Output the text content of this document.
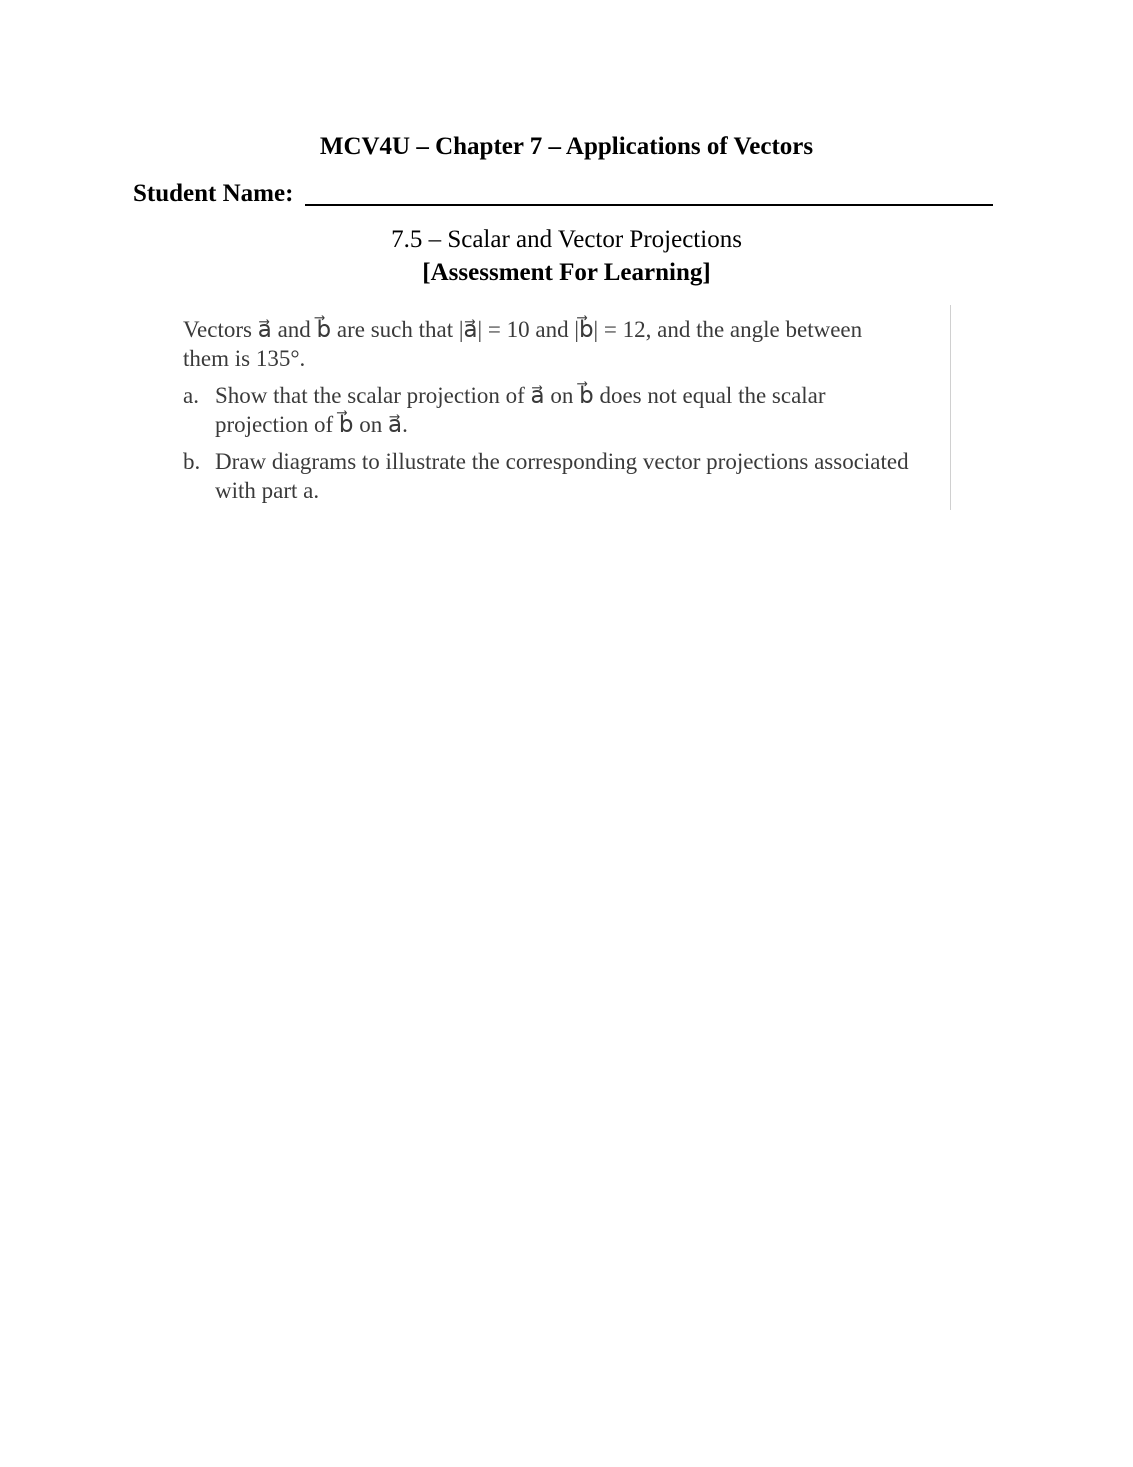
MCV4U – Chapter 7 – Applications of Vectors
Student Name:
7.5 – Scalar and Vector Projections
[Assessment For Learning]
Vectors a⃗ and b⃗ are such that |a⃗| = 10 and |b⃗| = 12, and the angle between
them is 135°.
a. Show that the scalar projection of a⃗ on b⃗ does not equal the scalar
projection of b⃗ on a⃗.
b. Draw diagrams to illustrate the corresponding vector projections associated
with part a.
